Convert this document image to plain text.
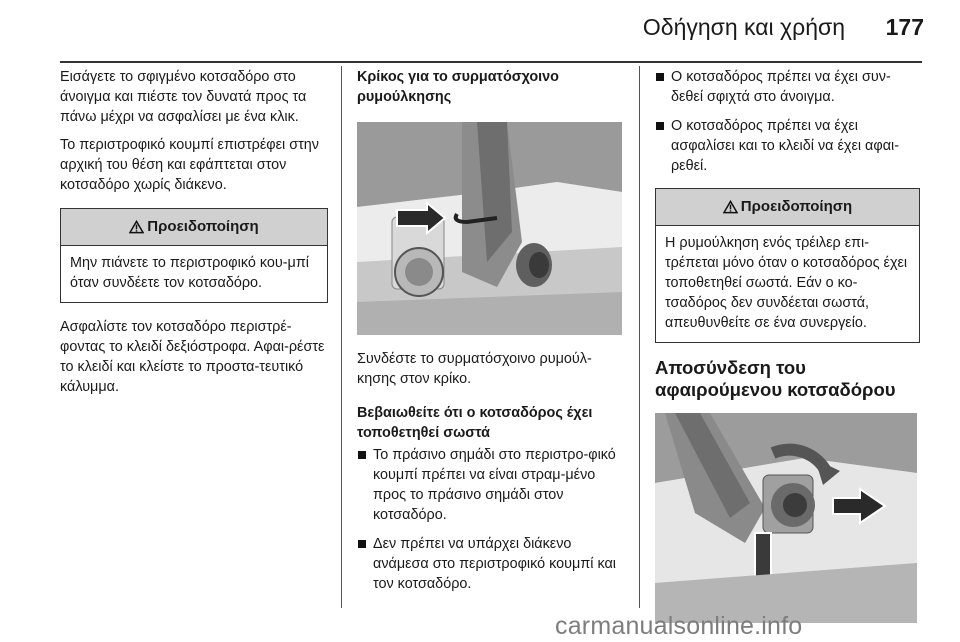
Οδήγηση και χρήση	177

Εισάγετε το σφιγμένο κοτσαδόρο στο άνοιγμα και πιέστε τον δυνατά προς τα πάνω μέχρι να ασφαλίσει με ένα κλικ.

Το περιστροφικό κουμπί επιστρέφει στην αρχική του θέση και εφάπτεται στον κοτσαδόρο χωρίς διάκενο.

Προειδοποίηση
Μην πιάνετε το περιστροφικό κου-μπί όταν συνδέετε τον κοτσαδόρο.

Ασφαλίστε τον κοτσαδόρο περιστρέ-φοντας το κλειδί δεξιόστροφα. Αφαι-ρέστε το κλειδί και κλείστε το προστα-τευτικό κάλυμμα.

Κρίκος για το συρματόσχοινο ρυμούλκησης

Συνδέστε το συρματόσχοινο ρυμούλ-κησης στον κρίκο.

Βεβαιωθείτε ότι ο κοτσαδόρος έχει τοποθετηθεί σωστά
Το πράσινο σημάδι στο περιστρο-φικό κουμπί πρέπει να είναι στραμ-μένο προς το πράσινο σημάδι στον κοτσαδόρο.
Δεν πρέπει να υπάρχει διάκενο ανάμεσα στο περιστροφικό κουμπί και τον κοτσαδόρο.
Ο κοτσαδόρος πρέπει να έχει συν-δεθεί σφιχτά στο άνοιγμα.
Ο κοτσαδόρος πρέπει να έχει ασφαλίσει και το κλειδί να έχει αφαι-ρεθεί.
Προειδοποίηση
Η ρυμούλκηση ενός τρέιλερ επι-τρέπεται μόνο όταν ο κοτσαδόρος έχει τοποθετηθεί σωστά. Εάν ο κο-τσαδόρος δεν συνδέεται σωστά, απευθυνθείτε σε ένα συνεργείο.
Αποσύνδεση του αφαιρούμενου κοτσαδόρου
carmanualsonline.info
